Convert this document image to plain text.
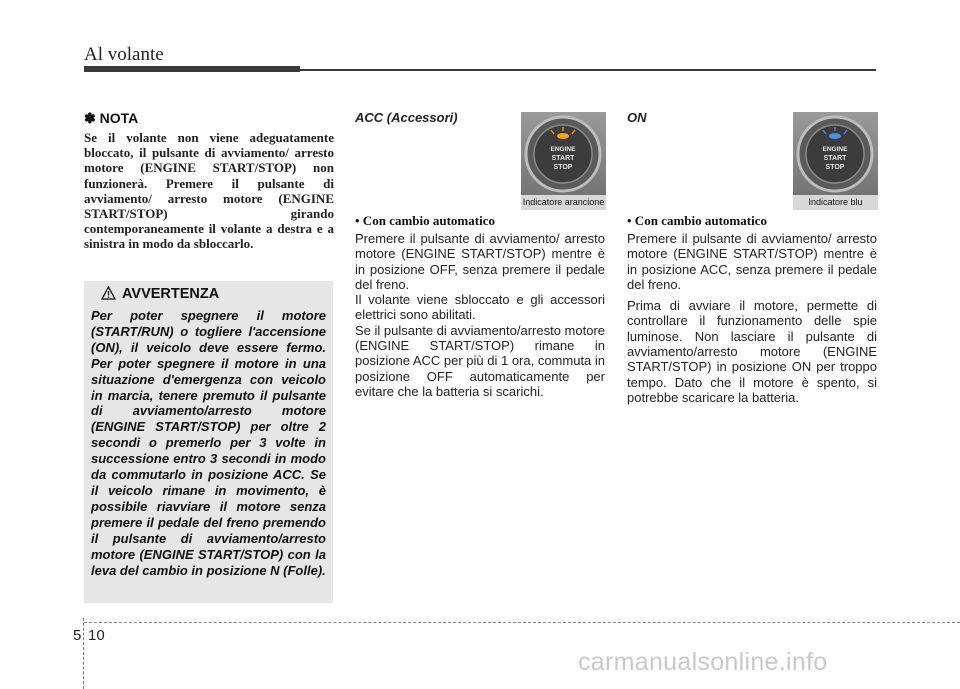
Al volante

✽ NOTA

Se il volante non viene adeguatamente bloccato, il pulsante di avviamento/ arresto motore (ENGINE START/STOP) non funzionerà. Premere il pulsante di avviamento/ arresto motore (ENGINE START/STOP) girando contemporaneamente il volante a destra e a sinistra in modo da sbloccarlo.

AVVERTENZA

Per poter spegnere il motore (START/RUN) o togliere l'accensione (ON), il veicolo deve essere fermo. Per poter spegnere il motore in una situazione d'emergenza con veicolo in marcia, tenere premuto il pulsante di avviamento/arresto motore (ENGINE START/STOP) per oltre 2 secondi o premerlo per 3 volte in successione entro 3 secondi in modo da commutarlo in posizione ACC. Se il veicolo rimane in movimento, è possibile riavviare il motore senza premere il pedale del freno premendo il pulsante di avviamento/arresto motore (ENGINE START/STOP) con la leva del cambio in posizione N (Folle).

ACC (Accessori)

• Con cambio automatico

Premere il pulsante di avviamento/ arresto motore (ENGINE START/STOP) mentre è in posizione OFF, senza premere il pedale del freno.

Il volante viene sbloccato e gli accessori elettrici sono abilitati.

Se il pulsante di avviamento/arresto motore (ENGINE START/STOP) rimane in posizione ACC per più di 1 ora, commuta in posizione OFF automaticamente per evitare che la batteria si scarichi.

ENGINE
START
STOP
Indicatore arancione

ON

• Con cambio automatico

Premere il pulsante di avviamento/ arresto motore (ENGINE START/STOP) mentre è in posizione ACC, senza premere il pedale del freno.

Prima di avviare il motore, permette di controllare il funzionamento delle spie luminose. Non lasciare il pulsante di avviamento/arresto motore (ENGINE START/STOP) in posizione ON per troppo tempo. Dato che il motore è spento, si potrebbe scaricare la batteria.

ENGINE
START
STOP
Indicatore blu
5 10
carmanualsonline.info
